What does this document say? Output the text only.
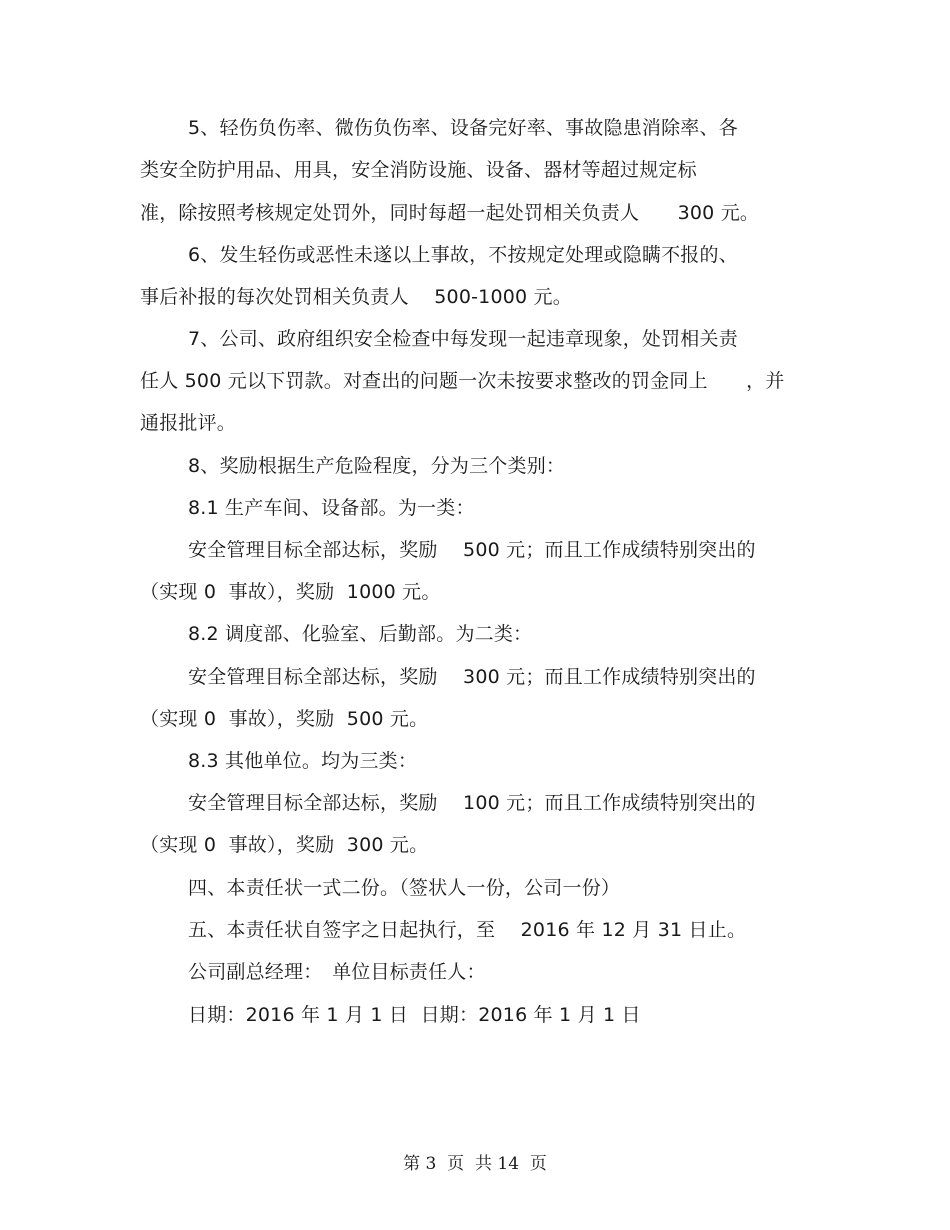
5、轻伤负伤率、微伤负伤率、设备完好率、事故隐患消除率、各
类安全防护用品、用具，安全消防设施、设备、器材等超过规定标
准，除按照考核规定处罚外，同时每超一起处罚相关负责人　　300 元。
6、发生轻伤或恶性未遂以上事故，不按规定处理或隐瞒不报的、
事后补报的每次处罚相关负责人　 500-1000 元。
7、公司、政府组织安全检查中每发现一起违章现象，处罚相关责
任人 500 元以下罚款。对查出的问题一次未按要求整改的罚金同上　　，并
通报批评。
8、奖励根据生产危险程度，分为三个类别：
8.1 生产车间、设备部。为一类：
安全管理目标全部达标，奖励　 500 元；而且工作成绩特别突出的
（实现 0  事故），奖励  1000 元。
8.2 调度部、化验室、后勤部。为二类：
安全管理目标全部达标，奖励　 300 元；而且工作成绩特别突出的
（实现 0  事故），奖励  500 元。
8.3 其他单位。均为三类：
安全管理目标全部达标，奖励　 100 元；而且工作成绩特别突出的
（实现 0  事故），奖励  300 元。
四、本责任状一式二份。（签状人一份，公司一份）
五、本责任状自签字之日起执行，至　 2016 年 12 月 31 日止。
公司副总经理：　单位目标责任人：
日期：2016 年 1 月 1 日  日期：2016 年 1 月 1 日
第 3  页  共 14  页
